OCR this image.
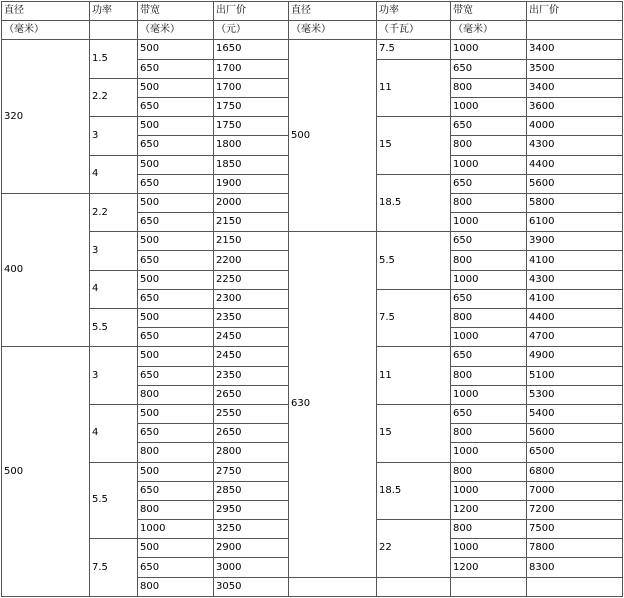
直径	功率	带宽	出厂价	直径	功率	带宽	出厂价
（毫米）		（毫米）	（元）	（毫米）	（千瓦）	（毫米）	
320	1.5	500	1650	500	7.5	1000	3400
		650	1700		11	650	3500
	2.2	500	1700			800	3400
		650	1750			1000	3600
	3	500	1750		15	650	4000
		650	1800			800	4300
	4	500	1850			1000	4400
		650	1900		18.5	650	5600
400	2.2	500	2000			800	5800
		650	2150			1000	6100
	3	500	2150	630	5.5	650	3900
		650	2200			800	4100
	4	500	2250			1000	4300
		650	2300		7.5	650	4100
	5.5	500	2350			800	4400
		650	2450			1000	4700
500	3	500	2450		11	650	4900
		650	2350			800	5100
		800	2650			1000	5300
	4	500	2550		15	650	5400
		650	2650			800	5600
		800	2800			1000	6500
	5.5	500	2750		18.5	800	6800
		650	2850			1000	7000
		800	2950			1200	7200
		1000	3250		22	800	7500
	7.5	500	2900			1000	7800
		650	3000			1200	8300
		800	3050				
